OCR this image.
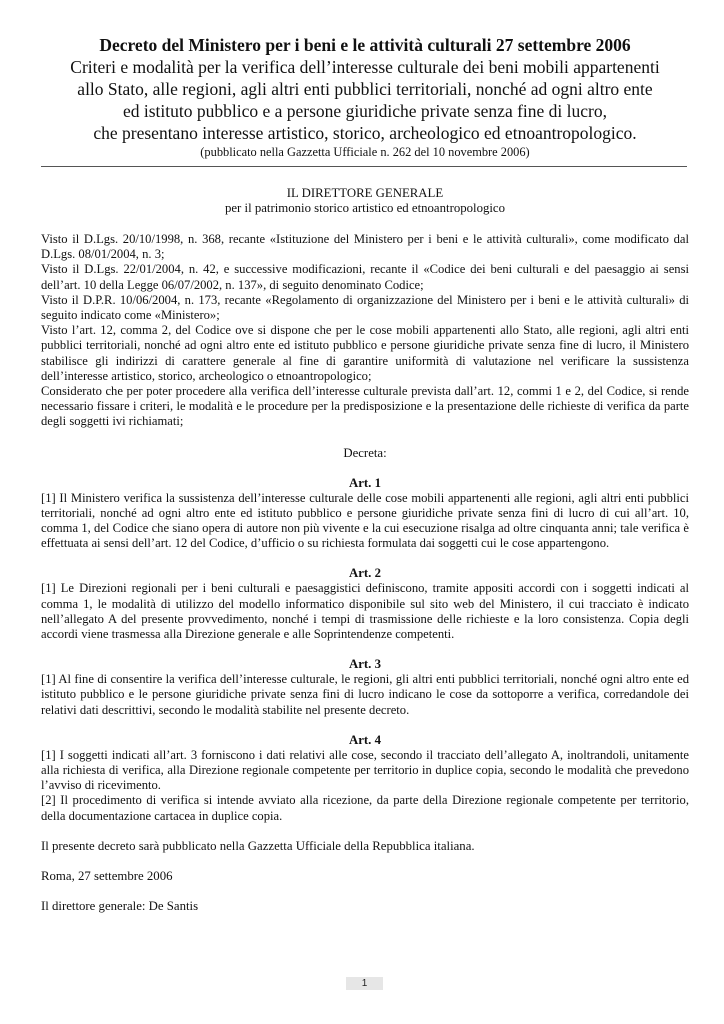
Decreto del Ministero per i beni e le attività culturali 27 settembre 2006
Criteri e modalità per la verifica dell’interesse culturale dei beni mobili appartenenti
allo Stato, alle regioni, agli altri enti pubblici territoriali, nonché ad ogni altro ente
ed istituto pubblico e a persone giuridiche private senza fine di lucro,
che presentano interesse artistico, storico, archeologico ed etnoantropologico.
(pubblicato nella Gazzetta Ufficiale n. 262 del 10 novembre 2006)
IL DIRETTORE GENERALE
per il patrimonio storico artistico ed etnoantropologico

Visto il D.Lgs. 20/10/1998, n. 368, recante «Istituzione del Ministero per i beni e le attività culturali», come modificato dal D.Lgs. 08/01/2004, n. 3;

Visto il D.Lgs. 22/01/2004, n. 42, e successive modificazioni, recante il «Codice dei beni culturali e del paesaggio ai sensi dell’art. 10 della Legge 06/07/2002, n. 137», di seguito denominato Codice;

Visto il D.P.R. 10/06/2004, n. 173, recante «Regolamento di organizzazione del Ministero per i beni e le attività culturali» di seguito indicato come «Ministero»;

Visto l’art. 12, comma 2, del Codice ove si dispone che per le cose mobili appartenenti allo Stato, alle regioni, agli altri enti pubblici territoriali, nonché ad ogni altro ente ed istituto pubblico e persone giuridiche private senza fine di lucro, il Ministero stabilisce gli indirizzi di carattere generale al fine di garantire uniformità di valutazione nel verificare la sussistenza dell’interesse artistico, storico, archeologico o etnoantropologico;

Considerato che per poter procedere alla verifica dell’interesse culturale prevista dall’art. 12, commi 1 e 2, del Codice, si rende necessario fissare i criteri, le modalità e le procedure per la predisposizione e la presentazione delle richieste di verifica da parte degli soggetti ivi richiamati;

Decreta:
Art. 1

[1] Il Ministero verifica la sussistenza dell’interesse culturale delle cose mobili appartenenti alle regioni, agli altri enti pubblici territoriali, nonché ad ogni altro ente ed istituto pubblico e persone giuridiche private senza fini di lucro di cui all’art. 10, comma 1, del Codice che siano opera di autore non più vivente e la cui esecuzione risalga ad oltre cinquanta anni; tale verifica è effettuata ai sensi dell’art. 12 del Codice, d’ufficio o su richiesta formulata dai soggetti cui le cose appartengono.

Art. 2

[1] Le Direzioni regionali per i beni culturali e paesaggistici definiscono, tramite appositi accordi con i soggetti indicati al comma 1, le modalità di utilizzo del modello informatico disponibile sul sito web del Ministero, il cui tracciato è indicato nell’allegato A del presente provvedimento, nonché i tempi di trasmissione delle richieste e la loro consistenza. Copia degli accordi viene trasmessa alla Direzione generale e alle Soprintendenze competenti.

Art. 3

[1] Al fine di consentire la verifica dell’interesse culturale, le regioni, gli altri enti pubblici territoriali, nonché ogni altro ente ed istituto pubblico e le persone giuridiche private senza fini di lucro indicano le cose da sottoporre a verifica, corredandole dei relativi dati descrittivi, secondo le modalità stabilite nel presente decreto.

Art. 4

[1] I soggetti indicati all’art. 3 forniscono i dati relativi alle cose, secondo il tracciato dell’allegato A, inoltrandoli, unitamente alla richiesta di verifica, alla Direzione regionale competente per territorio in duplice copia, secondo le modalità che prevedono l’avviso di ricevimento.

[2] Il procedimento di verifica si intende avviato alla ricezione, da parte della Direzione regionale competente per territorio, della documentazione cartacea in duplice copia.

Il presente decreto sarà pubblicato nella Gazzetta Ufficiale della Repubblica italiana.
Roma, 27 settembre 2006
Il direttore generale: De Santis
1
